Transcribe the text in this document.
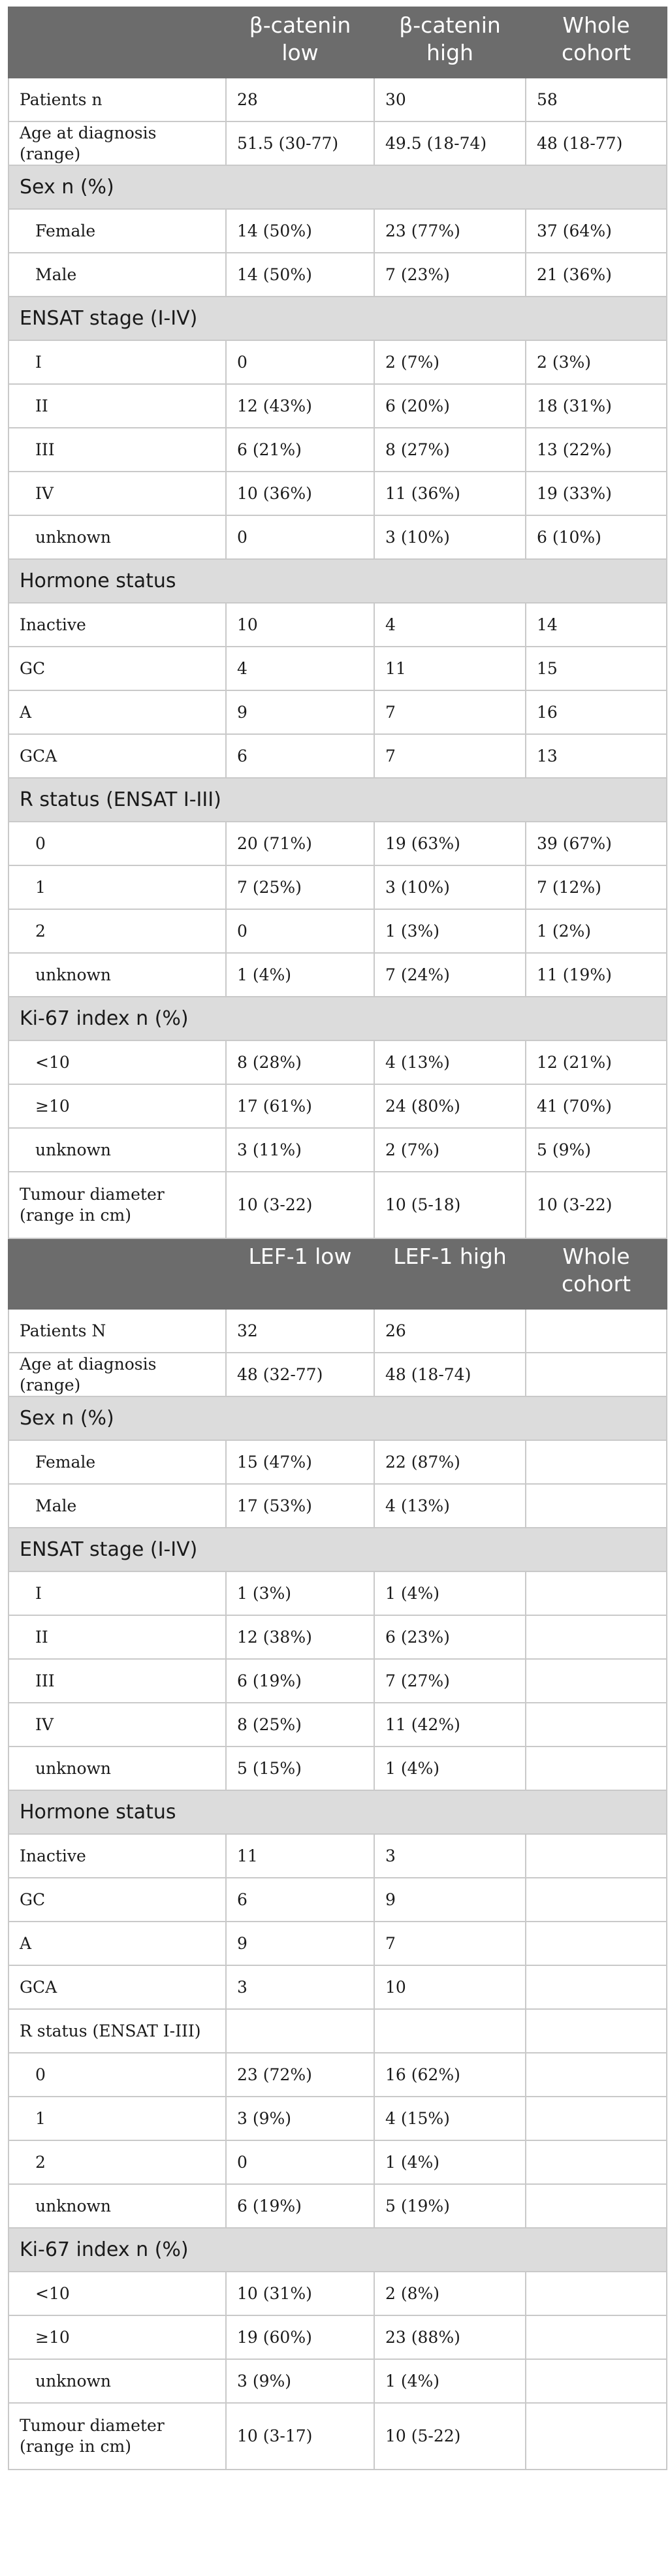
	β-catenin low	β-catenin high	Whole cohort
Patients n	28	30	58
Age at diagnosis (range)	51.5 (30-77)	49.5 (18-74)	48 (18-77)
Sex n (%)			
Female	14 (50%)	23 (77%)	37 (64%)
Male	14 (50%)	7 (23%)	21 (36%)
ENSAT stage (I-IV)			
I	0	2 (7%)	2 (3%)
II	12 (43%)	6 (20%)	18 (31%)
III	6 (21%)	8 (27%)	13 (22%)
IV	10 (36%)	11 (36%)	19 (33%)
unknown	0	3 (10%)	6 (10%)
Hormone status			
Inactive	10	4	14
GC	4	11	15
A	9	7	16
GCA	6	7	13
R status (ENSAT I-III)			
0	20 (71%)	19 (63%)	39 (67%)
1	7 (25%)	3 (10%)	7 (12%)
2	0	1 (3%)	1 (2%)
unknown	1 (4%)	7 (24%)	11 (19%)
Ki-67 index n (%)			
<10	8 (28%)	4 (13%)	12 (21%)
≥10	17 (61%)	24 (80%)	41 (70%)
unknown	3 (11%)	2 (7%)	5 (9%)
Tumour diameter (range in cm)	10 (3-22)	10 (5-18)	10 (3-22)
	LEF-1 low	LEF-1 high	Whole cohort
Patients N	32	26	
Age at diagnosis (range)	48 (32-77)	48 (18-74)	
Sex n (%)			
Female	15 (47%)	22 (87%)	
Male	17 (53%)	4 (13%)	
ENSAT stage (I-IV)			
I	1 (3%)	1 (4%)	
II	12 (38%)	6 (23%)	
III	6 (19%)	7 (27%)	
IV	8 (25%)	11 (42%)	
unknown	5 (15%)	1 (4%)	
Hormone status			
Inactive	11	3	
GC	6	9	
A	9	7	
GCA	3	10	
R status (ENSAT I-III)			
0	23 (72%)	16 (62%)	
1	3 (9%)	4 (15%)	
2	0	1 (4%)	
unknown	6 (19%)	5 (19%)	
Ki-67 index n (%)			
<10	10 (31%)	2 (8%)	
≥10	19 (60%)	23 (88%)	
unknown	3 (9%)	1 (4%)	
Tumour diameter (range in cm)	10 (3-17)	10 (5-22)	
